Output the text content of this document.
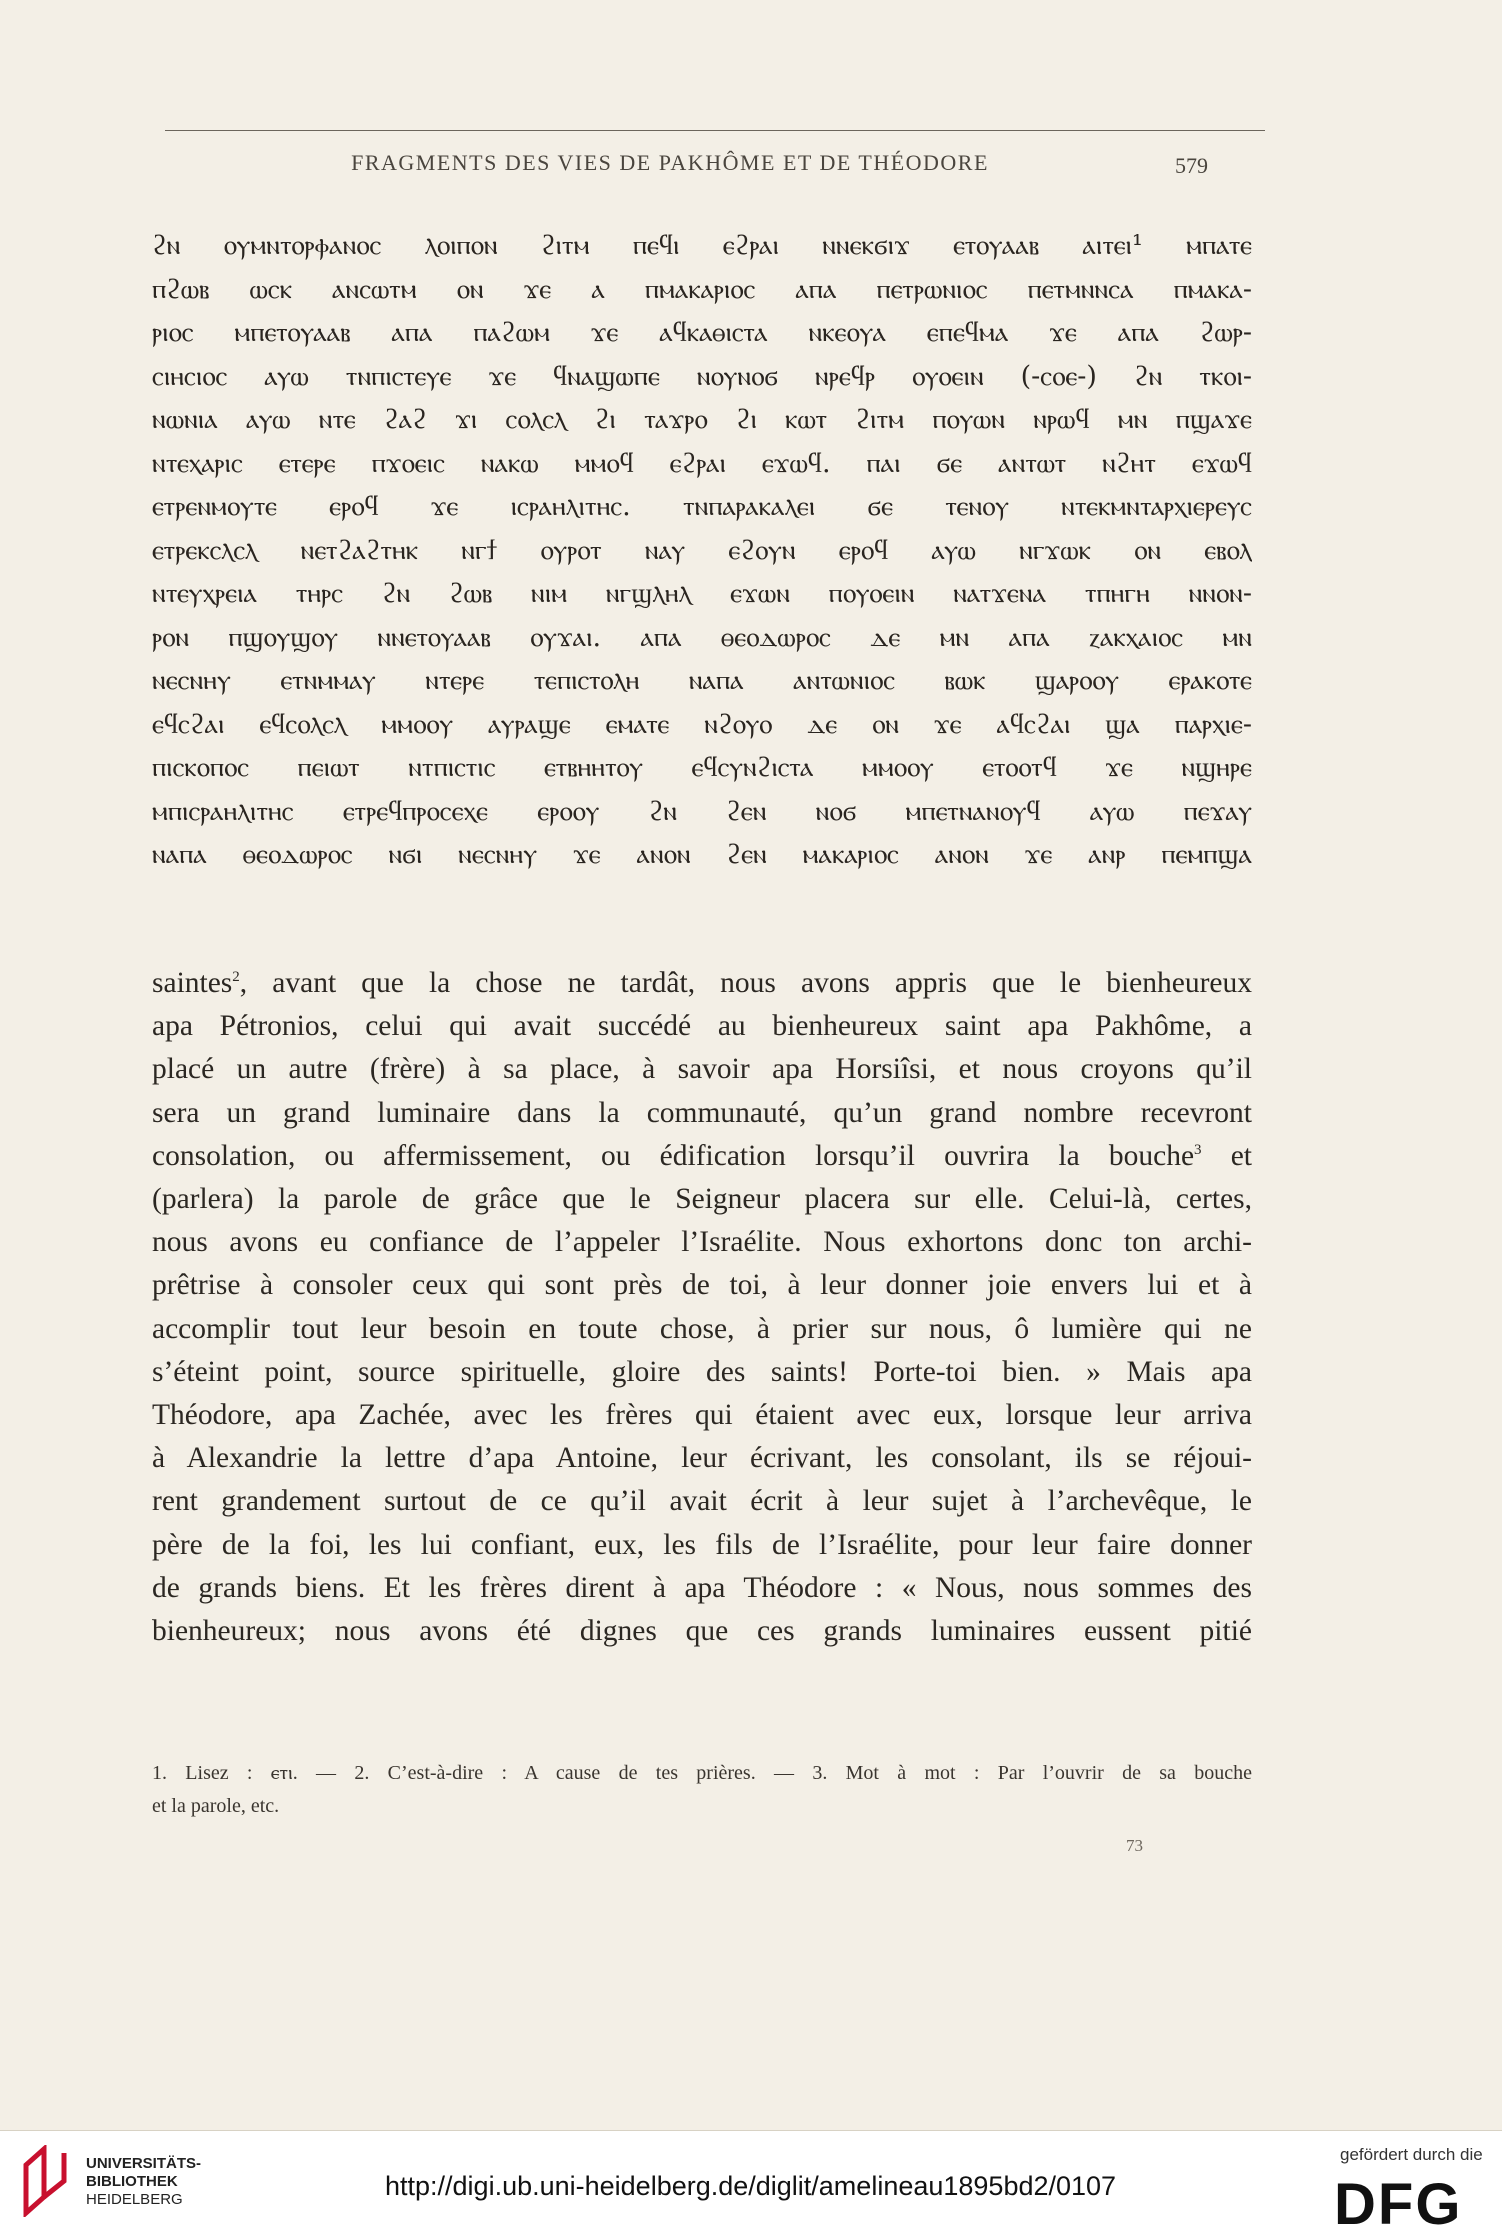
FRAGMENTS DES VIES DE PAKHÔME ET DE THÉODORE	579
ϩⲛ ⲟⲩⲙⲛⲧⲟⲣⲫⲁⲛⲟⲥ ⲗⲟⲓⲡⲟⲛ ϩⲓⲧⲙ ⲡⲉϥⲓ ⲉϩⲣⲁⲓ ⲛⲛⲉⲕϭⲓϫ ⲉⲧⲟⲩⲁⲁⲃ ⲁⲓⲧⲉⲓ¹ ⲙⲡⲁⲧⲉ
ⲡϩⲱⲃ ⲱⲥⲕ ⲁⲛⲥⲱⲧⲙ ⲟⲛ ϫⲉ ⲁ ⲡⲙⲁⲕⲁⲣⲓⲟⲥ ⲁⲡⲁ ⲡⲉⲧⲣⲱⲛⲓⲟⲥ ⲡⲉⲧⲙⲛⲛⲥⲁ ⲡⲙⲁⲕⲁ-
ⲣⲓⲟⲥ ⲙⲡⲉⲧⲟⲩⲁⲁⲃ ⲁⲡⲁ ⲡⲁϩⲱⲙ ϫⲉ ⲁϥⲕⲁⲑⲓⲥⲧⲁ ⲛⲕⲉⲟⲩⲁ ⲉⲡⲉϥⲙⲁ ϫⲉ ⲁⲡⲁ ϩⲱⲣ-
ⲥⲓⲏⲥⲓⲟⲥ ⲁⲩⲱ ⲧⲛⲡⲓⲥⲧⲉⲩⲉ ϫⲉ ϥⲛⲁϣⲱⲡⲉ ⲛⲟⲩⲛⲟϭ ⲛⲣⲉϥⲣ ⲟⲩⲟⲉⲓⲛ (-ⲥⲟⲉ-) ϩⲛ ⲧⲕⲟⲓ-
ⲛⲱⲛⲓⲁ ⲁⲩⲱ ⲛⲧⲉ ϩⲁϩ ϫⲓ ⲥⲟⲗⲥⲗ ϩⲓ ⲧⲁϫⲣⲟ ϩⲓ ⲕⲱⲧ ϩⲓⲧⲙ ⲡⲟⲩⲱⲛ ⲛⲣⲱϥ ⲙⲛ ⲡϣⲁϫⲉ
ⲛⲧⲉⲭⲁⲣⲓⲥ ⲉⲧⲉⲣⲉ ⲡϫⲟⲉⲓⲥ ⲛⲁⲕⲱ ⲙⲙⲟϥ ⲉϩⲣⲁⲓ ⲉϫⲱϥ. ⲡⲁⲓ ϭⲉ ⲁⲛⲧⲱⲧ ⲛϩⲏⲧ ⲉϫⲱϥ
ⲉⲧⲣⲉⲛⲙⲟⲩⲧⲉ ⲉⲣⲟϥ ϫⲉ ⲓⲥⲣⲁⲏⲗⲓⲧⲏⲥ. ⲧⲛⲡⲁⲣⲁⲕⲁⲗⲉⲓ ϭⲉ ⲧⲉⲛⲟⲩ ⲛⲧⲉⲕⲙⲛⲧⲁⲣⲭⲓⲉⲣⲉⲩⲥ
ⲉⲧⲣⲉⲕⲥⲗⲥⲗ ⲛⲉⲧϩⲁϩⲧⲏⲕ ⲛⲅϯ ⲟⲩⲣⲟⲧ ⲛⲁⲩ ⲉϩⲟⲩⲛ ⲉⲣⲟϥ ⲁⲩⲱ ⲛⲅϫⲱⲕ ⲟⲛ ⲉⲃⲟⲗ
ⲛⲧⲉⲩⲭⲣⲉⲓⲁ ⲧⲏⲣⲥ ϩⲛ ϩⲱⲃ ⲛⲓⲙ ⲛⲅϣⲗⲏⲗ ⲉϫⲱⲛ ⲡⲟⲩⲟⲉⲓⲛ ⲛⲁⲧϫⲉⲛⲁ ⲧⲡⲏⲅⲏ ⲛⲛⲟⲛ-
ⲣⲟⲛ ⲡϣⲟⲩϣⲟⲩ ⲛⲛⲉⲧⲟⲩⲁⲁⲃ ⲟⲩϫⲁⲓ. ⲁⲡⲁ ⲑⲉⲟⲇⲱⲣⲟⲥ ⲇⲉ ⲙⲛ ⲁⲡⲁ ⲍⲁⲕⲭⲁⲓⲟⲥ ⲙⲛ
ⲛⲉⲥⲛⲏⲩ ⲉⲧⲛⲙⲙⲁⲩ ⲛⲧⲉⲣⲉ ⲧⲉⲡⲓⲥⲧⲟⲗⲏ ⲛⲁⲡⲁ ⲁⲛⲧⲱⲛⲓⲟⲥ ⲃⲱⲕ ϣⲁⲣⲟⲟⲩ ⲉⲣⲁⲕⲟⲧⲉ
ⲉϥⲥϩⲁⲓ ⲉϥⲥⲟⲗⲥⲗ ⲙⲙⲟⲟⲩ ⲁⲩⲣⲁϣⲉ ⲉⲙⲁⲧⲉ ⲛϩⲟⲩⲟ ⲇⲉ ⲟⲛ ϫⲉ ⲁϥⲥϩⲁⲓ ϣⲁ ⲡⲁⲣⲭⲓⲉ-
ⲡⲓⲥⲕⲟⲡⲟⲥ ⲡⲉⲓⲱⲧ ⲛⲧⲡⲓⲥⲧⲓⲥ ⲉⲧⲃⲏⲏⲧⲟⲩ ⲉϥⲥⲩⲛϩⲓⲥⲧⲁ ⲙⲙⲟⲟⲩ ⲉⲧⲟⲟⲧϥ ϫⲉ ⲛϣⲏⲣⲉ
ⲙⲡⲓⲥⲣⲁⲏⲗⲓⲧⲏⲥ ⲉⲧⲣⲉϥⲡⲣⲟⲥⲉⲭⲉ ⲉⲣⲟⲟⲩ ϩⲛ ϩⲉⲛ ⲛⲟϭ ⲙⲡⲉⲧⲛⲁⲛⲟⲩϥ ⲁⲩⲱ ⲡⲉϫⲁⲩ
ⲛⲁⲡⲁ ⲑⲉⲟⲇⲱⲣⲟⲥ ⲛϭⲓ ⲛⲉⲥⲛⲏⲩ ϫⲉ ⲁⲛⲟⲛ ϩⲉⲛ ⲙⲁⲕⲁⲣⲓⲟⲥ ⲁⲛⲟⲛ ϫⲉ ⲁⲛⲣ ⲡⲉⲙⲡϣⲁ
saintes$^2$, avant que la chose ne tardât, nous avons appris que le bienheureux
apa Pétronios, celui qui avait succédé au bienheureux saint apa Pakhôme, a
placé un autre (frère) à sa place, à savoir apa Horsiîsi, et nous croyons qu’il
sera un grand luminaire dans la communauté, qu’un grand nombre recevront
consolation, ou affermissement, ou édification lorsqu’il ouvrira la bouche$^3$ et
(parlera) la parole de grâce que le Seigneur placera sur elle. Celui-là, certes,
nous avons eu confiance de l’appeler l’Israélite. Nous exhortons donc ton archi-
prêtrise à consoler ceux qui sont près de toi, à leur donner joie envers lui et à
accomplir tout leur besoin en toute chose, à prier sur nous, ô lumière qui ne
s’éteint point, source spirituelle, gloire des saints! Porte-toi bien. » Mais apa
Théodore, apa Zachée, avec les frères qui étaient avec eux, lorsque leur arriva
à Alexandrie la lettre d’apa Antoine, leur écrivant, les consolant, ils se réjoui-
rent grandement surtout de ce qu’il avait écrit à leur sujet à l’archevêque, le
père de la foi, les lui confiant, eux, les fils de l’Israélite, pour leur faire donner
de grands biens. Et les frères dirent à apa Théodore : « Nous, nous sommes des
bienheureux; nous avons été dignes que ces grands luminaires eussent pitié
1. Lisez : ⲉⲧⲓ. — 2. C’est-à-dire : A cause de tes prières. — 3. Mot à mot : Par l’ouvrir de sa bouche
et la parole, etc.
73
UNIVERSITÄTS-
BIBLIOTHEK
HEIDELBERG	http://digi.ub.uni-heidelberg.de/diglit/amelineau1895bd2/0107
gefördert durch die
DFG
